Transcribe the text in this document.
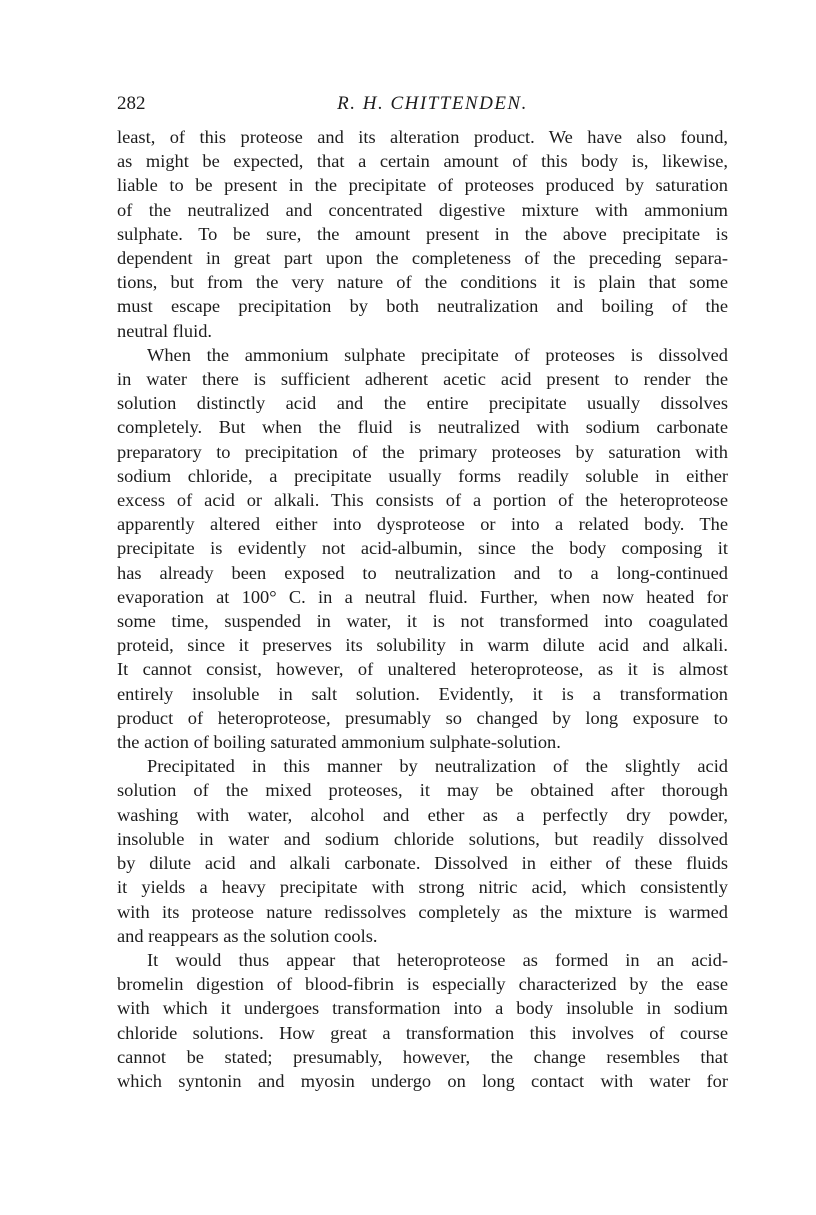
282	R. H. CHITTENDEN.
least, of this proteose and its alteration product. We have also found,
as might be expected, that a certain amount of this body is, likewise,
liable to be present in the precipitate of proteoses produced by saturation
of the neutralized and concentrated digestive mixture with ammonium
sulphate. To be sure, the amount present in the above precipitate is
dependent in great part upon the completeness of the preceding separa-
tions, but from the very nature of the conditions it is plain that some
must escape precipitation by both neutralization and boiling of the
neutral fluid.
When the ammonium sulphate precipitate of proteoses is dissolved
in water there is sufficient adherent acetic acid present to render the
solution distinctly acid and the entire precipitate usually dissolves
completely. But when the fluid is neutralized with sodium carbonate
preparatory to precipitation of the primary proteoses by saturation with
sodium chloride, a precipitate usually forms readily soluble in either
excess of acid or alkali. This consists of a portion of the heteroproteose
apparently altered either into dysproteose or into a related body. The
precipitate is evidently not acid-albumin, since the body composing it
has already been exposed to neutralization and to a long-continued
evaporation at 100° C. in a neutral fluid. Further, when now heated for
some time, suspended in water, it is not transformed into coagulated
proteid, since it preserves its solubility in warm dilute acid and alkali.
It cannot consist, however, of unaltered heteroproteose, as it is almost
entirely insoluble in salt solution. Evidently, it is a transformation
product of heteroproteose, presumably so changed by long exposure to
the action of boiling saturated ammonium sulphate-solution.
Precipitated in this manner by neutralization of the slightly acid
solution of the mixed proteoses, it may be obtained after thorough
washing with water, alcohol and ether as a perfectly dry powder,
insoluble in water and sodium chloride solutions, but readily dissolved
by dilute acid and alkali carbonate. Dissolved in either of these fluids
it yields a heavy precipitate with strong nitric acid, which consistently
with its proteose nature redissolves completely as the mixture is warmed
and reappears as the solution cools.
It would thus appear that heteroproteose as formed in an acid-
bromelin digestion of blood-fibrin is especially characterized by the ease
with which it undergoes transformation into a body insoluble in sodium
chloride solutions. How great a transformation this involves of course
cannot be stated; presumably, however, the change resembles that
which syntonin and myosin undergo on long contact with water for
